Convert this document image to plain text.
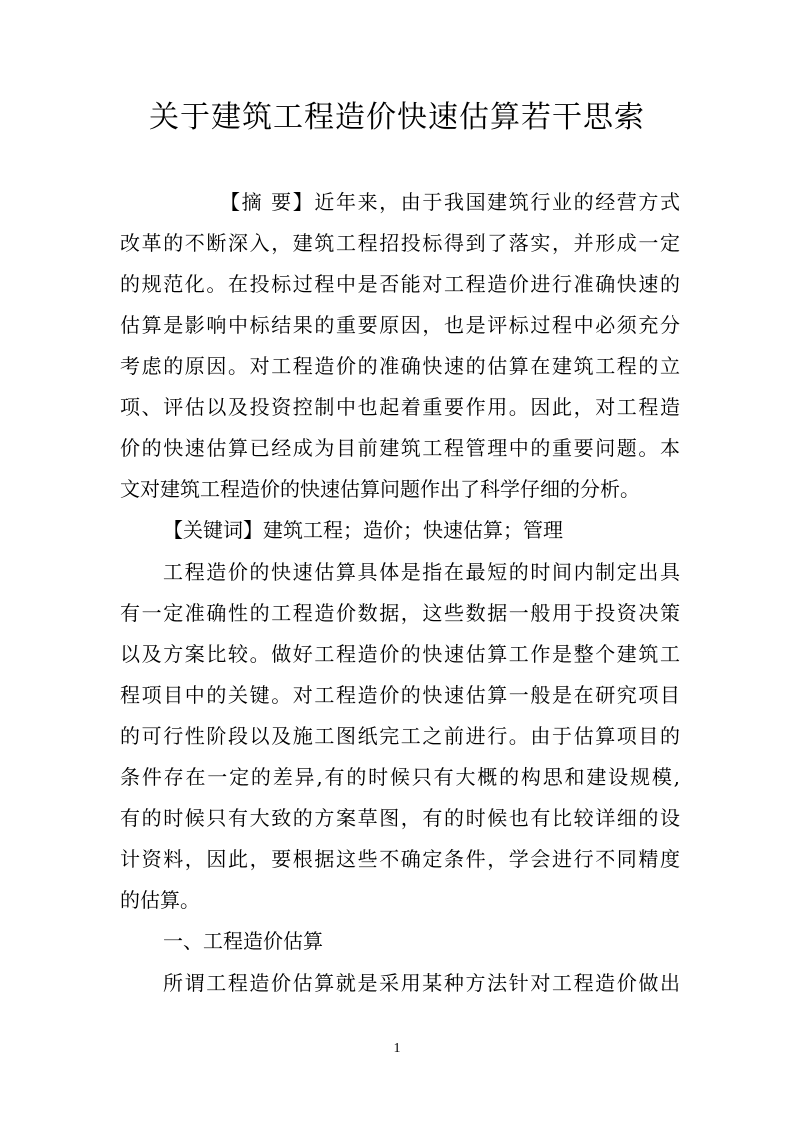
关于建筑工程造价快速估算若干思索
【摘 要】近年来，由于我国建筑行业的经营方式
改革的不断深入，建筑工程招投标得到了落实，并形成一定
的规范化。在投标过程中是否能对工程造价进行准确快速的
估算是影响中标结果的重要原因，也是评标过程中必须充分
考虑的原因。对工程造价的准确快速的估算在建筑工程的立
项、评估以及投资控制中也起着重要作用。因此，对工程造
价的快速估算已经成为目前建筑工程管理中的重要问题。本
文对建筑工程造价的快速估算问题作出了科学仔细的分析。
【关键词】建筑工程；造价；快速估算；管理
工程造价的快速估算具体是指在最短的时间内制定出具
有一定准确性的工程造价数据，这些数据一般用于投资决策
以及方案比较。做好工程造价的快速估算工作是整个建筑工
程项目中的关键。对工程造价的快速估算一般是在研究项目
的可行性阶段以及施工图纸完工之前进行。由于估算项目的
条件存在一定的差异,有的时候只有大概的构思和建设规模,
有的时候只有大致的方案草图，有的时候也有比较详细的设
计资料，因此，要根据这些不确定条件，学会进行不同精度
的估算。
一、工程造价估算
所谓工程造价估算就是采用某种方法针对工程造价做出
1
